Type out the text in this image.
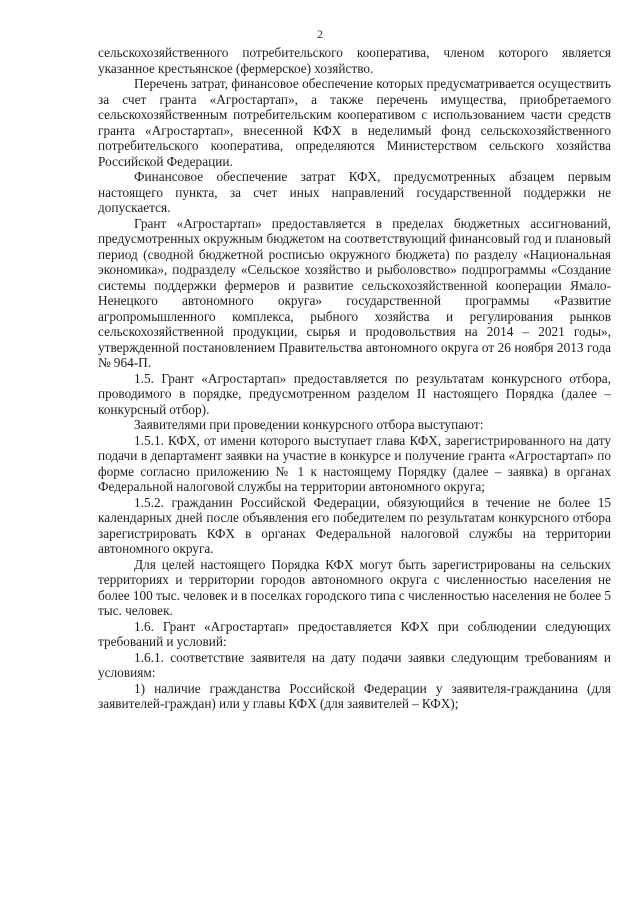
2

сельскохозяйственного потребительского кооператива, членом которого является указанное крестьянское (фермерское) хозяйство.

Перечень затрат, финансовое обеспечение которых предусматривается осуществить за счет гранта «Агростартап», а также перечень имущества, приобретаемого сельскохозяйственным потребительским кооперативом с использованием части средств гранта «Агростартап», внесенной КФХ в неделимый фонд сельскохозяйственного потребительского кооператива, определяются Министерством сельского хозяйства Российской Федерации.

Финансовое обеспечение затрат КФХ, предусмотренных абзацем первым настоящего пункта, за счет иных направлений государственной поддержки не допускается.

Грант «Агростартап» предоставляется в пределах бюджетных ассигнований, предусмотренных окружным бюджетом на соответствующий финансовый год и плановый период (сводной бюджетной росписью окружного бюджета) по разделу «Национальная экономика», подразделу «Сельское хозяйство и рыболовство» подпрограммы «Создание системы поддержки фермеров и развитие сельскохозяйственной кооперации Ямало-Ненецкого автономного округа» государственной программы «Развитие агропромышленного комплекса, рыбного хозяйства и регулирования рынков сельскохозяйственной продукции, сырья и продовольствия на 2014 – 2021 годы», утвержденной постановлением Правительства автономного округа от 26 ноября 2013 года № 964-П.

1.5. Грант «Агростартап» предоставляется по результатам конкурсного отбора, проводимого в порядке, предусмотренном разделом II настоящего Порядка (далее – конкурсный отбор).

Заявителями при проведении конкурсного отбора выступают:

1.5.1. КФХ, от имени которого выступает глава КФХ, зарегистрированного на дату подачи в департамент заявки на участие в конкурсе и получение гранта «Агростартап» по форме согласно приложению № 1 к настоящему Порядку (далее – заявка) в органах Федеральной налоговой службы на территории автономного округа;

1.5.2. гражданин Российской Федерации, обязующийся в течение не более 15 календарных дней после объявления его победителем по результатам конкурсного отбора зарегистрировать КФХ в органах Федеральной налоговой службы на территории автономного округа.

Для целей настоящего Порядка КФХ могут быть зарегистрированы на сельских территориях и территории городов автономного округа с численностью населения не более 100 тыс. человек и в поселках городского типа с численностью населения не более 5 тыс. человек.

1.6. Грант «Агростартап» предоставляется КФХ при соблюдении следующих требований и условий:

1.6.1. соответствие заявителя на дату подачи заявки следующим требованиям и условиям:

1) наличие гражданства Российской Федерации у заявителя-гражданина (для заявителей-граждан) или у главы КФХ (для заявителей – КФХ);
